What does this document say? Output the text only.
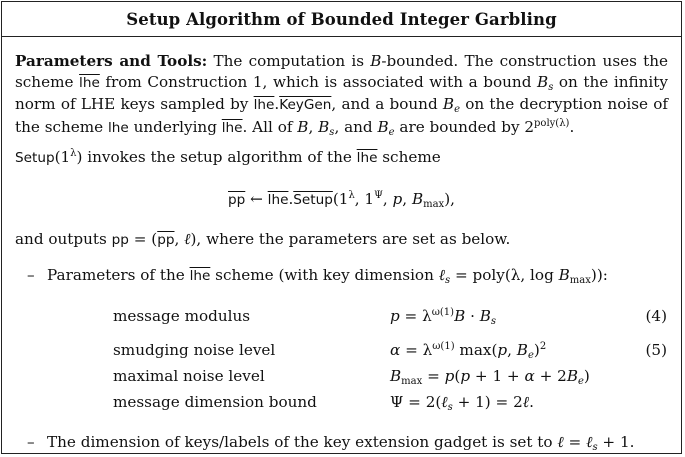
Setup Algorithm of Bounded Integer Garbling
Parameters and Tools: The computation is B-bounded. The construction uses the scheme $\overline{lhe}$ from Construction 1, which is associated with a bound $B_s$ on the infinity norm of LHE keys sampled by $\overline{lhe}.KeyGen$, and a bound $B_e$ on the decryption noise of the scheme lhe underlying $\overline{lhe}$. All of B, $B_s$, and $B_e$ are bounded by $2^{poly(\lambda)}$.
$Setup(1^\lambda)$ invokes the setup algorithm of the $\overline{lhe}$ scheme
$\overline{pp}$ ← $\overline{lhe}.Setup(1^\lambda$, $1^\Psi$, p, $B_{max}$),
and outputs pp = ($\overline{pp}$, ℓ), where the parameters are set as below.
– Parameters of the $\overline{lhe}$ scheme (with key dimension ℓ$_s$ = poly(λ, $\log B_{max}$)):
message modulus	$p = \lambda^{\omega(1)}B \cdot B_s$	(4)
smudging noise level	$\alpha = \lambda^{\omega(1)}$ max(p, $B_e)^2$	(5)
maximal noise level	$B_{max} = p(p + 1 + \alpha + 2B_e)$
message dimension bound	Ψ = 2(ℓ$_s$ + 1) = 2ℓ.
– The dimension of keys/labels of the key extension gadget is set to ℓ = ℓ$_s$ + 1.
